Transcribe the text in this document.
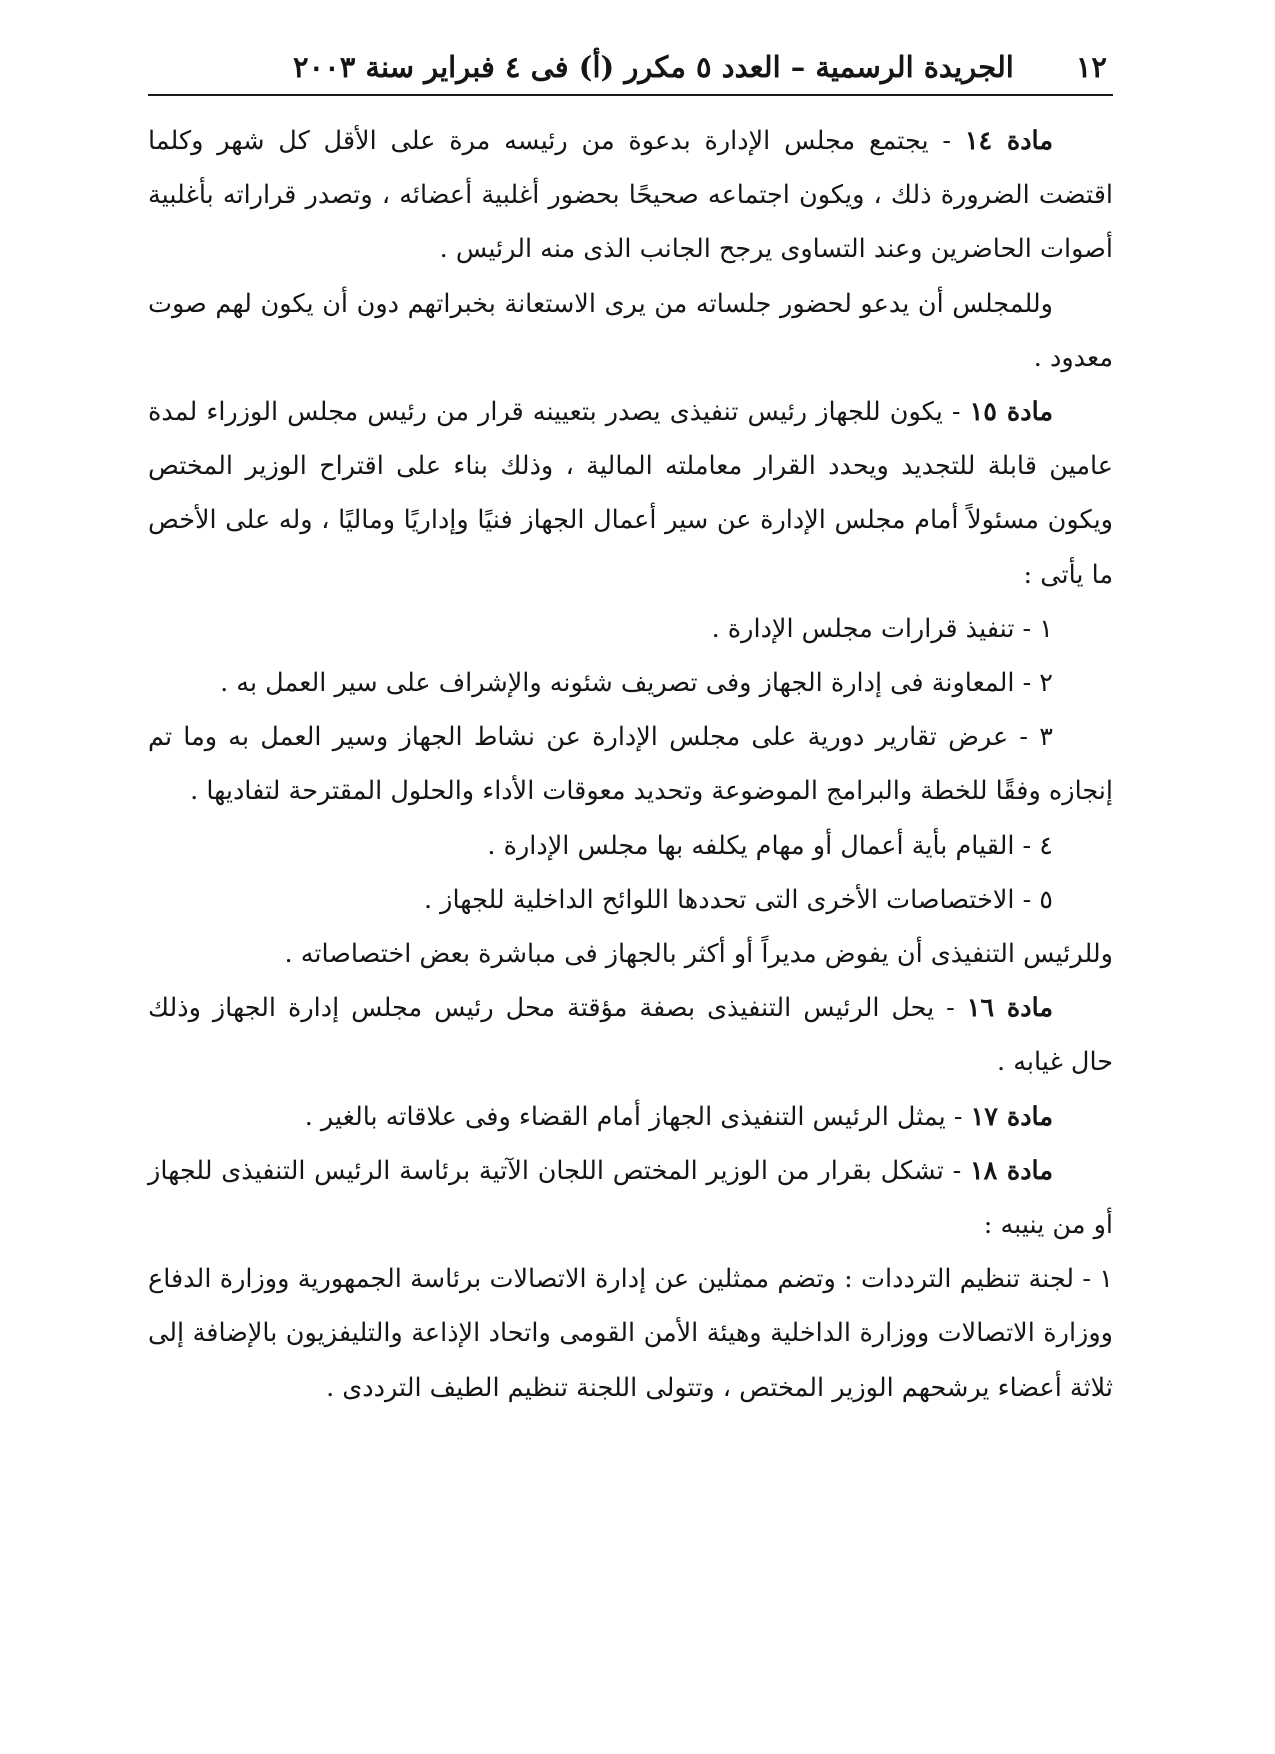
١٢
الجريدة الرسمية – العدد ٥ مكرر (أ) فى ٤ فبراير سنة ٢٠٠٣

مادة ١٤ - يجتمع مجلس الإدارة بدعوة من رئيسه مرة على الأقل كل شهر وكلما اقتضت الضرورة ذلك ، ويكون اجتماعه صحيحًا بحضور أغلبية أعضائه ، وتصدر قراراته بأغلبية أصوات الحاضرين وعند التساوى يرجح الجانب الذى منه الرئيس .

وللمجلس أن يدعو لحضور جلساته من يرى الاستعانة بخبراتهم دون أن يكون لهم صوت معدود .

مادة ١٥ - يكون للجهاز رئيس تنفيذى يصدر بتعيينه قرار من رئيس مجلس الوزراء لمدة عامين قابلة للتجديد ويحدد القرار معاملته المالية ، وذلك بناء على اقتراح الوزير المختص ويكون مسئولاً أمام مجلس الإدارة عن سير أعمال الجهاز فنيًا وإداريًا وماليًا ، وله على الأخص ما يأتى :

١ - تنفيذ قرارات مجلس الإدارة .

٢ - المعاونة فى إدارة الجهاز وفى تصريف شئونه والإشراف على سير العمل به .

٣ - عرض تقارير دورية على مجلس الإدارة عن نشاط الجهاز وسير العمل به وما تم إنجازه وفقًا للخطة والبرامج الموضوعة وتحديد معوقات الأداء والحلول المقترحة لتفاديها .

٤ - القيام بأية أعمال أو مهام يكلفه بها مجلس الإدارة .

٥ - الاختصاصات الأخرى التى تحددها اللوائح الداخلية للجهاز .

وللرئيس التنفيذى أن يفوض مديراً أو أكثر بالجهاز فى مباشرة بعض اختصاصاته .

مادة ١٦ - يحل الرئيس التنفيذى بصفة مؤقتة محل رئيس مجلس إدارة الجهاز وذلك حال غيابه .

مادة ١٧ - يمثل الرئيس التنفيذى الجهاز أمام القضاء وفى علاقاته بالغير .

مادة ١٨ - تشكل بقرار من الوزير المختص اللجان الآتية برئاسة الرئيس التنفيذى للجهاز أو من ينيبه :

١ - لجنة تنظيم الترددات : وتضم ممثلين عن إدارة الاتصالات برئاسة الجمهورية ووزارة الدفاع ووزارة الاتصالات ووزارة الداخلية وهيئة الأمن القومى واتحاد الإذاعة والتليفزيون بالإضافة إلى ثلاثة أعضاء يرشحهم الوزير المختص ، وتتولى اللجنة تنظيم الطيف الترددى .
